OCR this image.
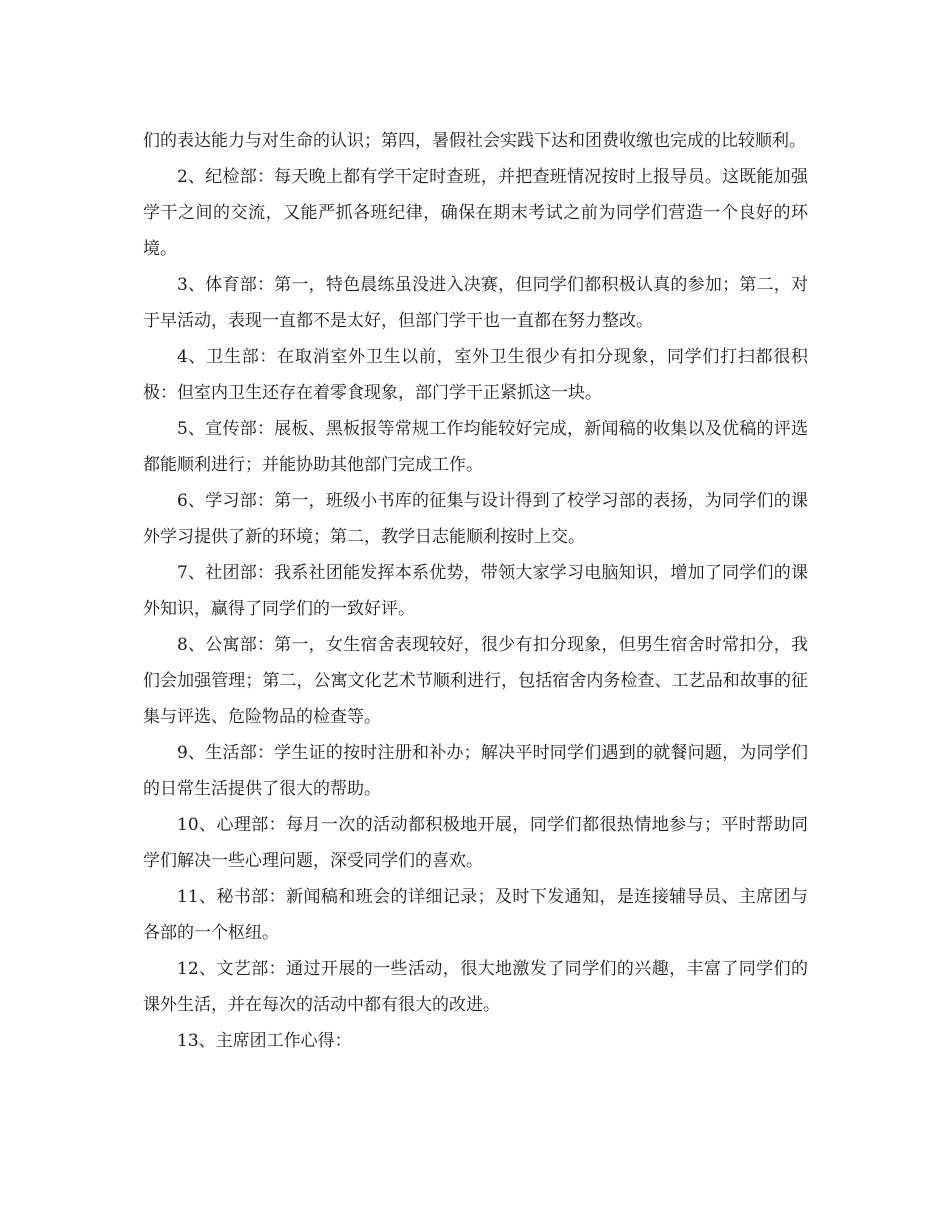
们的表达能力与对生命的认识；第四，暑假社会实践下达和团费收缴也完成的比较顺利。

2、纪检部：每天晚上都有学干定时查班，并把查班情况按时上报导员。这既能加强学干之间的交流，又能严抓各班纪律，确保在期末考试之前为同学们营造一个良好的环境。

3、体育部：第一，特色晨练虽没进入决赛，但同学们都积极认真的参加；第二，对于早活动，表现一直都不是太好，但部门学干也一直都在努力整改。

4、卫生部：在取消室外卫生以前，室外卫生很少有扣分现象，同学们打扫都很积极：但室内卫生还存在着零食现象，部门学干正紧抓这一块。

5、宣传部：展板、黑板报等常规工作均能较好完成，新闻稿的收集以及优稿的评选都能顺利进行；并能协助其他部门完成工作。

6、学习部：第一，班级小书库的征集与设计得到了校学习部的表扬，为同学们的课外学习提供了新的环境；第二，教学日志能顺利按时上交。

7、社团部：我系社团能发挥本系优势，带领大家学习电脑知识，增加了同学们的课外知识，赢得了同学们的一致好评。

8、公寓部：第一，女生宿舍表现较好，很少有扣分现象，但男生宿舍时常扣分，我们会加强管理；第二，公寓文化艺术节顺利进行，包括宿舍内务检查、工艺品和故事的征集与评选、危险物品的检查等。

9、生活部：学生证的按时注册和补办；解决平时同学们遇到的就餐问题，为同学们的日常生活提供了很大的帮助。

10、心理部：每月一次的活动都积极地开展，同学们都很热情地参与；平时帮助同学们解决一些心理问题，深受同学们的喜欢。

11、秘书部：新闻稿和班会的详细记录；及时下发通知，是连接辅导员、主席团与各部的一个枢纽。

12、文艺部：通过开展的一些活动，很大地激发了同学们的兴趣，丰富了同学们的课外生活，并在每次的活动中都有很大的改进。

13、主席团工作心得：
